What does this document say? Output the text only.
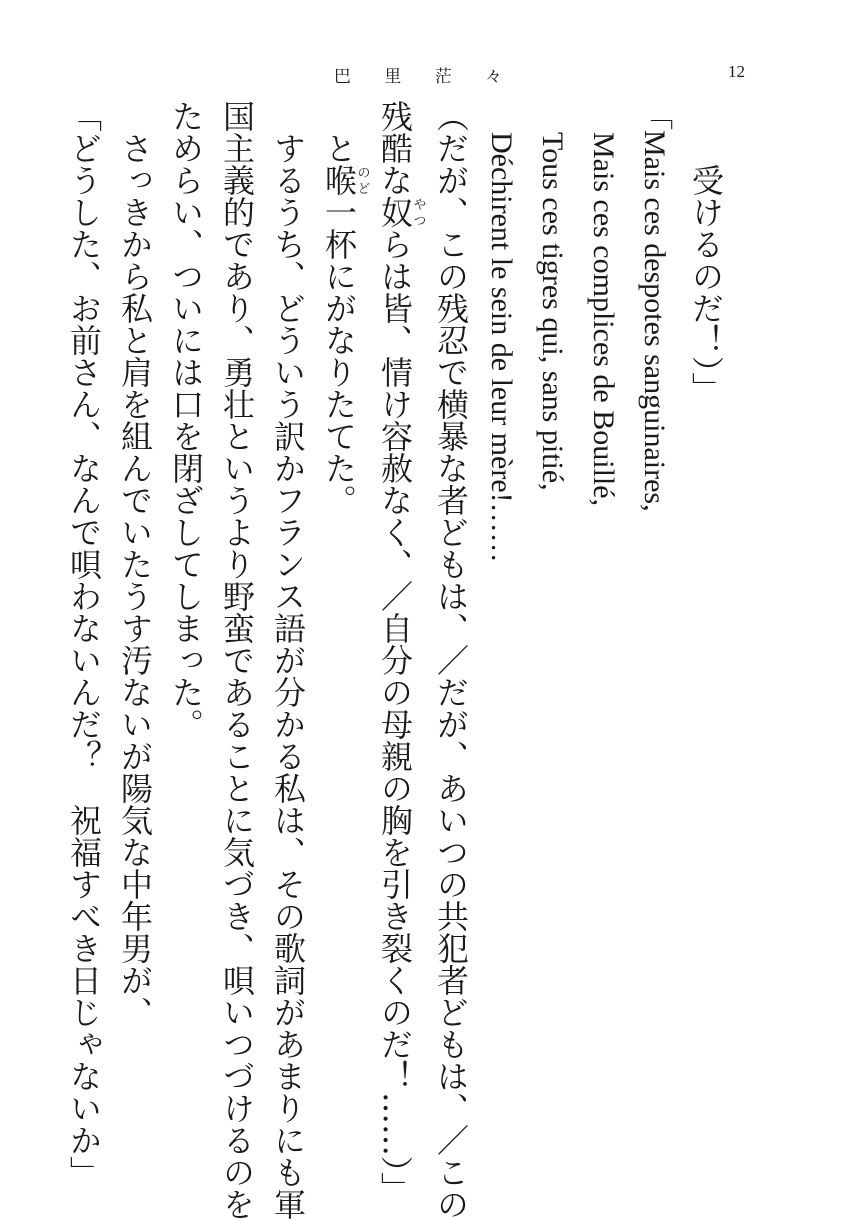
巴 里 茫 々	12
受けるのだ！）」
「Mais ces despotes sanguinaires,
Mais ces complices de Bouillé,
Tous ces tigres qui, sans pitié,
Déchirent le sein de leur mère!……
（だが、この残忍で横暴な者どもは、／だが、あいつの共犯者どもは、／この
残酷な奴やつらは皆、情け容赦なく、／自分の母親の胸を引き裂くのだ！……）」
と喉のど一杯にがなりたてた。
するうち、どういう訳かフランス語が分かる私は、その歌詞があまりにも軍
国主義的であり、勇壮というより野蛮であることに気づき、唄いつづけるのを
ためらい、ついには口を閉ざしてしまった。
さっきから私と肩を組んでいたうす汚ないが陽気な中年男が、
「どうした、お前さん、なんで唄わないんだ？　祝福すべき日じゃないか」
